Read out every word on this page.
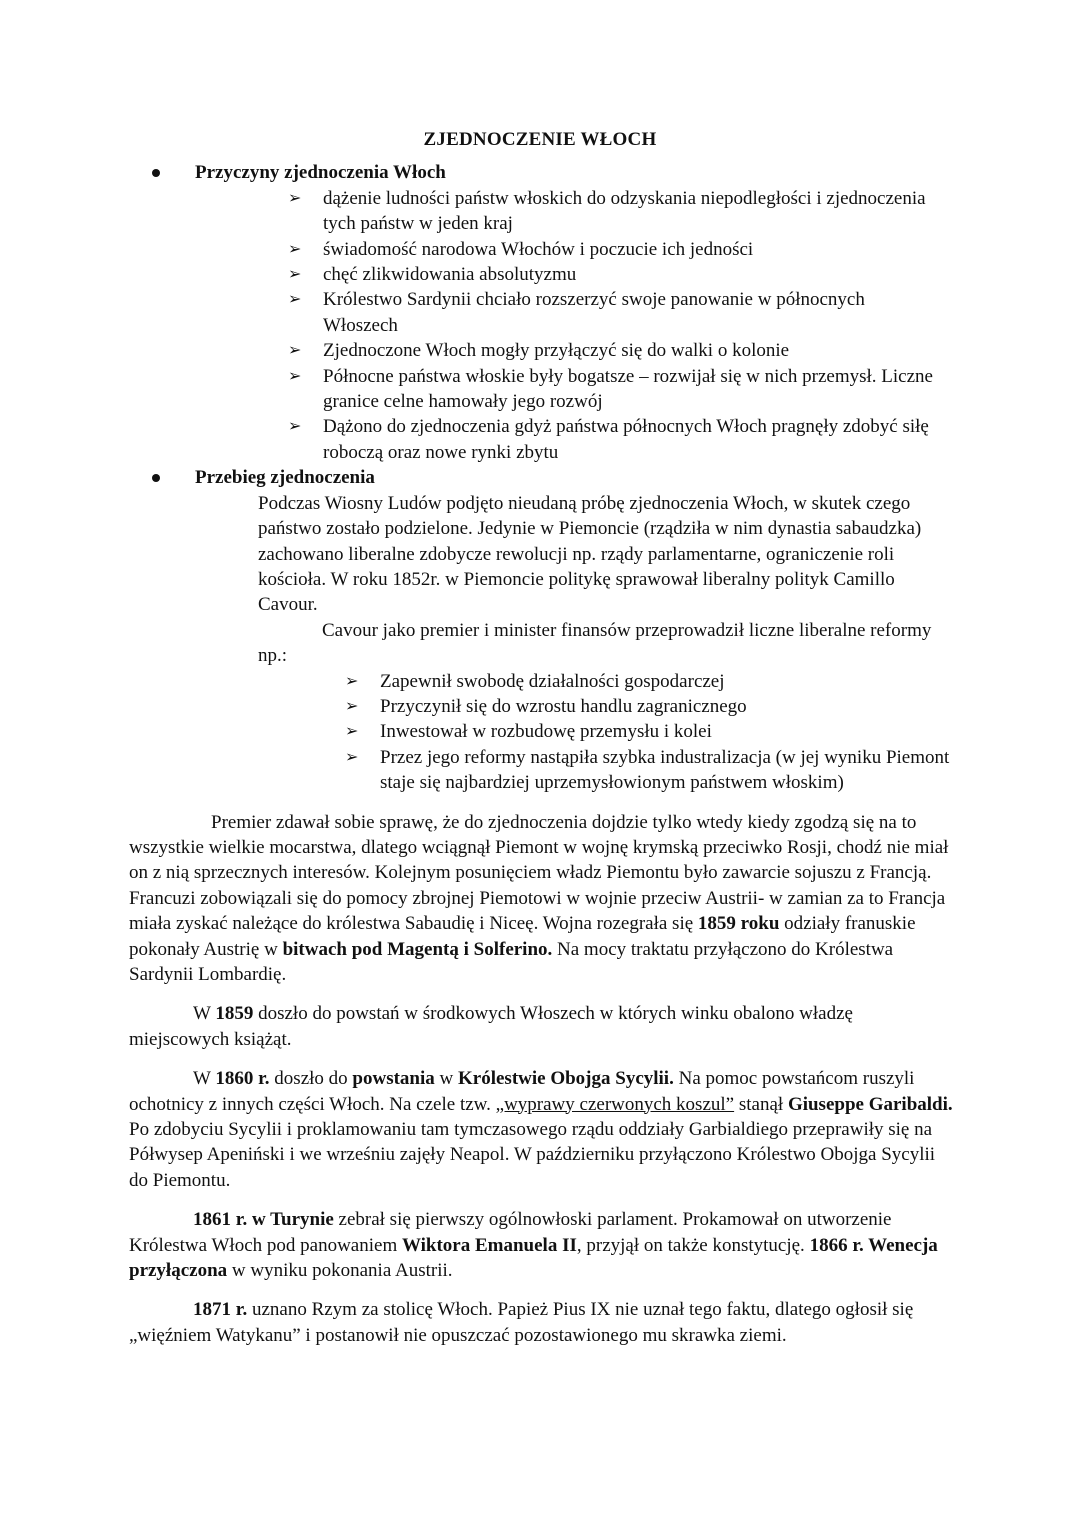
ZJEDNOCZENIE WŁOCH

Przyczyny zjednoczenia Włoch

➢ dążenie ludności państw włoskich do odzyskania niepodległości i zjednoczenia tych państw w jeden kraj
➢ świadomość narodowa Włochów i poczucie ich jedności
➢ chęć zlikwidowania absolutyzmu
➢ Królestwo Sardynii chciało rozszerzyć swoje panowanie w północnych Włoszech
➢ Zjednoczone Włoch mogły przyłączyć się do walki o kolonie
➢ Północne państwa włoskie były bogatsze – rozwijał się w nich przemysł. Liczne granice celne hamowały jego rozwój
➢ Dążono do zjednoczenia gdyż państwa północnych Włoch pragnęły zdobyć siłę roboczą oraz nowe rynki zbytu

Przebieg zjednoczenia

Podczas Wiosny Ludów podjęto nieudaną próbę zjednoczenia Włoch, w skutek czego państwo zostało podzielone. Jedynie w Piemoncie (rządziła w nim dynastia sabaudzka) zachowano liberalne zdobycze rewolucji np. rządy parlamentarne, ograniczenie roli kościoła. W roku 1852r. w Piemoncie politykę sprawował liberalny polityk Camillo Cavour.

Cavour jako premier i minister finansów przeprowadził liczne liberalne reformy np.:

➢ Zapewnił swobodę działalności gospodarczej
➢ Przyczynił się do wzrostu handlu zagranicznego
➢ Inwestował w rozbudowę przemysłu i kolei
➢ Przez jego reformy nastąpiła szybka industralizacja (w jej wyniku Piemont staje się najbardziej uprzemysłowionym państwem włoskim)

Premier zdawał sobie sprawę, że do zjednoczenia dojdzie tylko wtedy kiedy zgodzą się na to wszystkie wielkie mocarstwa, dlatego wciągnął Piemont w wojnę krymską przeciwko Rosji, chodź nie miał on z nią sprzecznych interesów. Kolejnym posunięciem władz Piemontu było zawarcie sojuszu z Francją. Francuzi zobowiązali się do pomocy zbrojnej Piemotowi w wojnie przeciw Austrii- w zamian za to Francja miała zyskać należące do królestwa Sabaudię i Niceę. Wojna rozegrała się 1859 roku odziały franuskie pokonały Austrię w bitwach pod Magentą i Solferino. Na mocy traktatu przyłączono do Królestwa Sardynii Lombardię.

W 1859 doszło do powstań w środkowych Włoszech w których winku obalono władzę miejscowych książąt.

W 1860 r. doszło do powstania w Królestwie Obojga Sycylii. Na pomoc powstańcom ruszyli ochotnicy z innych części Włoch. Na czele tzw. „wyprawy czerwonych koszul” stanął Giuseppe Garibaldi. Po zdobyciu Sycylii i proklamowaniu tam tymczasowego rządu oddziały Garbialdiego przeprawiły się na Półwysep Apeniński i we wrześniu zajęły Neapol. W październiku przyłączono Królestwo Obojga Sycylii do Piemontu.

1861 r. w Turynie zebrał się pierwszy ogólnowłoski parlament. Prokamował on utworzenie Królestwa Włoch pod panowaniem Wiktora Emanuela II, przyjął on także konstytucję. 1866 r. Wenecja przyłączona w wyniku pokonania Austrii.

1871 r. uznano Rzym za stolicę Włoch. Papież Pius IX nie uznał tego faktu, dlatego ogłosił się „więźniem Watykanu” i postanowił nie opuszczać pozostawionego mu skrawka ziemi.
